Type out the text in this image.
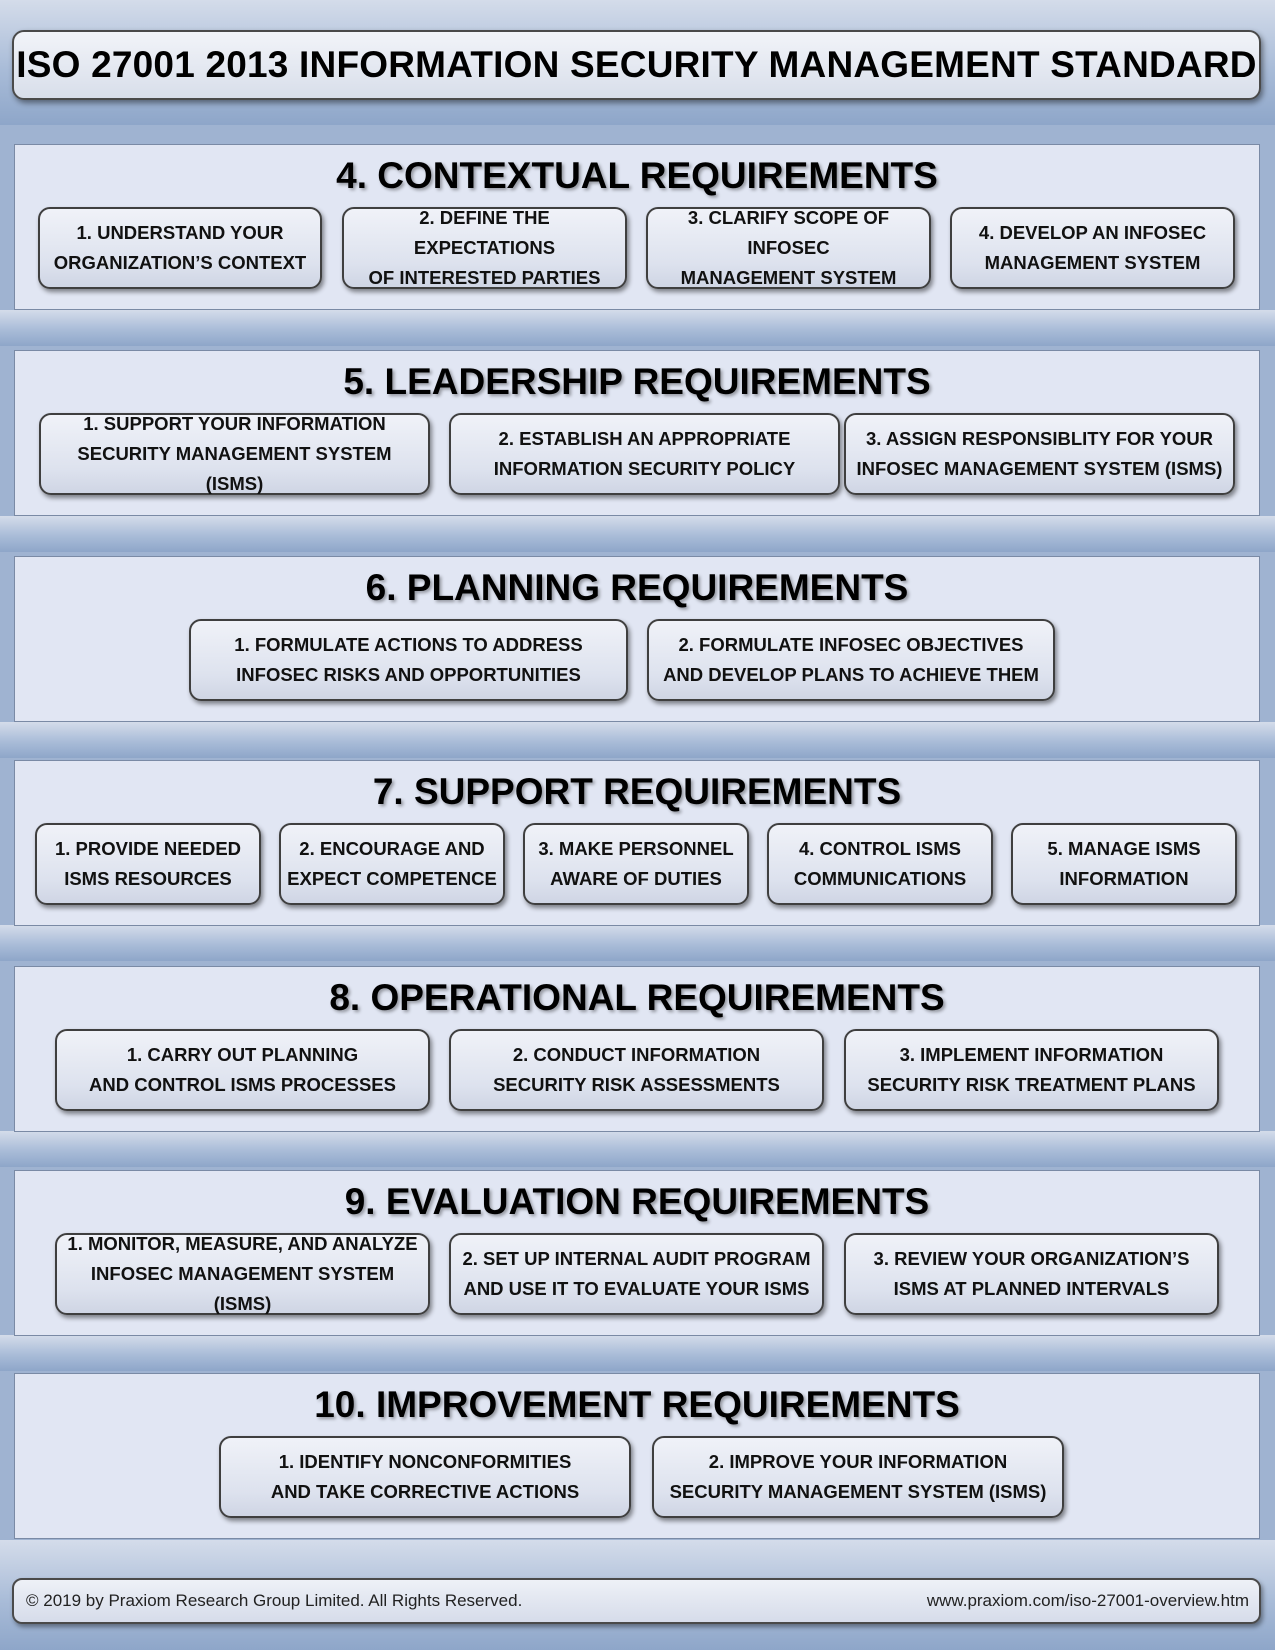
ISO 27001 2013 INFORMATION SECURITY MANAGEMENT STANDARD
4. CONTEXTUAL REQUIREMENTS
1. UNDERSTAND YOUR
ORGANIZATION’S CONTEXT
2. DEFINE THE EXPECTATIONS
OF INTERESTED PARTIES
3. CLARIFY SCOPE OF INFOSEC
MANAGEMENT SYSTEM
4. DEVELOP AN INFOSEC
MANAGEMENT SYSTEM
5. LEADERSHIP REQUIREMENTS
1. SUPPORT YOUR INFORMATION
SECURITY MANAGEMENT SYSTEM (ISMS)
2. ESTABLISH AN APPROPRIATE
INFORMATION SECURITY POLICY
3. ASSIGN RESPONSIBLITY FOR YOUR
INFOSEC MANAGEMENT SYSTEM (ISMS)
6. PLANNING REQUIREMENTS
1. FORMULATE ACTIONS TO ADDRESS
INFOSEC RISKS AND OPPORTUNITIES
2. FORMULATE INFOSEC OBJECTIVES
AND DEVELOP PLANS TO ACHIEVE THEM
7. SUPPORT REQUIREMENTS
1. PROVIDE NEEDED
ISMS RESOURCES
2. ENCOURAGE AND
EXPECT COMPETENCE
3. MAKE PERSONNEL
AWARE OF DUTIES
4. CONTROL ISMS
COMMUNICATIONS
5. MANAGE ISMS
INFORMATION
8. OPERATIONAL REQUIREMENTS
1. CARRY OUT PLANNING
AND CONTROL ISMS PROCESSES
2. CONDUCT INFORMATION
SECURITY RISK ASSESSMENTS
3. IMPLEMENT INFORMATION
SECURITY RISK TREATMENT PLANS
9. EVALUATION REQUIREMENTS
1. MONITOR, MEASURE, AND ANALYZE
INFOSEC MANAGEMENT SYSTEM (ISMS)
2. SET UP INTERNAL AUDIT PROGRAM
AND USE IT TO EVALUATE YOUR ISMS
3. REVIEW YOUR ORGANIZATION’S
ISMS AT PLANNED INTERVALS
10. IMPROVEMENT REQUIREMENTS
1. IDENTIFY NONCONFORMITIES
AND TAKE CORRECTIVE ACTIONS
2. IMPROVE YOUR INFORMATION
SECURITY MANAGEMENT SYSTEM (ISMS)
© 2019 by Praxiom Research Group Limited. All Rights Reserved.	www.praxiom.com/iso-27001-overview.htm
